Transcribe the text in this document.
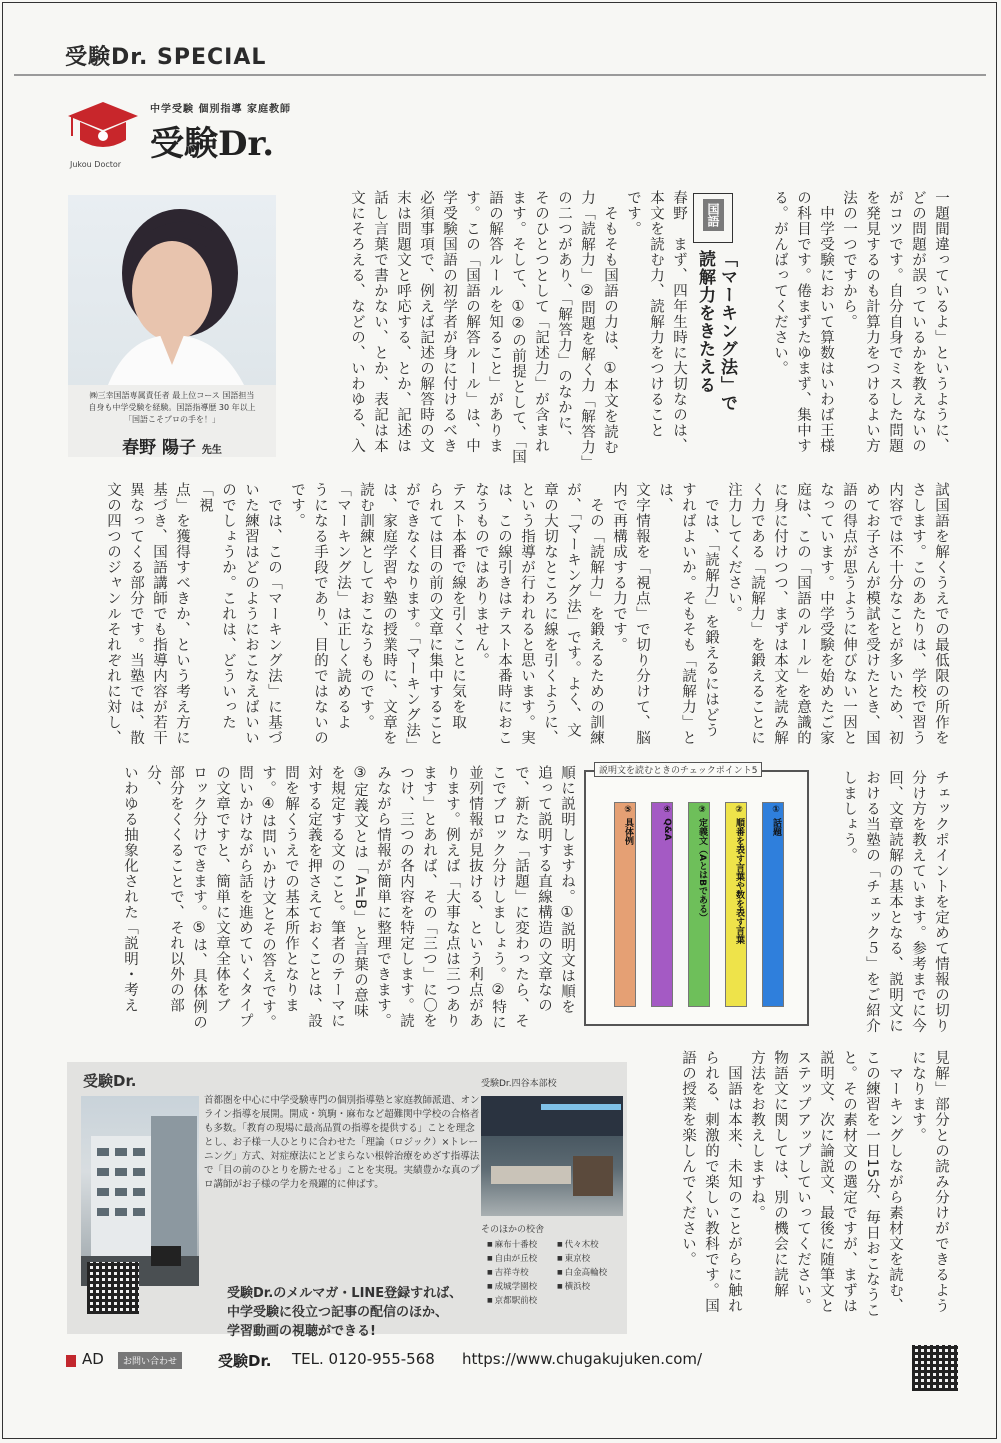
受験Dr. SPECIAL
中学受験 個別指導 家庭教師
受験Dr.
Jukou Doctor
㈱三幸国語専属責任者 最上位コース 国語担当
自身も中学受験を経験。国語指導歴 30 年以上
「国語こそプロの手を！」
春野 陽子 先生	一題間違っているよ」というように、
どの問題が誤っているかを教えないの
がコツです。自分自身でミスした問題
を発見するのも計算力をつけるよい方
法の一つですから。
　中学受験において算数はいわば王様
の科目です。倦まずたゆまず、集中す
る。がんばってください。
国語
「マーキング法」で
読解力をきたえる
春野　まず、四年生時に大切なのは、
本文を読む力、読解力をつけること
です。
　そもそも国語の力は、①本文を読む
力「読解力」②問題を解く力「解答力」
の二つがあり、「解答力」のなかに、
そのひとつとして「記述力」が含まれ
ます。そして、①②の前提として、「国
語の解答ルールを知ること」がありま
す。この「国語の解答ルール」は、中
学受験国語の初学者が身に付けるべき
必須事項で、例えば記述の解答時の文
末は問題文と呼応する、とか、記述は
話し言葉で書かない、とか、表記は本
文にそろえる、などの、いわゆる、入
試国語を解くうえでの最低限の所作を
さします。このあたりは、学校で習う
内容では不十分なことが多いため、初
めてお子さんが模試を受けたとき、国
語の得点が思うように伸びない一因と
なっています。中学受験を始めたご家
庭は、この「国語のルール」を意識的
に身に付けつつ、まずは本文を読み解
く力である「読解力」を鍛えることに
注力してください。
　では、「読解力」を鍛えるにはどう
すればよいか。そもそも「読解力」とは、
文字情報を「視点」で切り分けて、脳
内で再構成する力です。
　その「読解力」を鍛えるための訓練
が、「マーキング法」です。よく、文
章の大切なところに線を引くように、
という指導が行われると思います。実
は、この線引きはテスト本番時におこ
なうものではありません。
テスト本番で線を引くことに気を取
られては目の前の文章に集中すること
ができなくなります。「マーキング法」
は、家庭学習や塾の授業時に、文章を
読む訓練としておこなうものです。
「マーキング法」は正しく読めるよ
うになる手段であり、目的ではないの
です。
　では、この「マーキング法」に基づ
いた練習はどのようにおこなえばいい
のでしょうか。これは、どういった「視
点」を獲得すべきか、という考え方に
基づき、国語講師でも指導内容が若干
異なってくる部分です。当塾では、散
文の四つのジャンルそれぞれに対し、
チェックポイントを定めて情報の切り
分け方を教えています。参考までに今
回、文章読解の基本となる、説明文に
おける当塾の「チェック５」をご紹介
しましょう。
順に説明しますね。①説明文は順を
追って説明する直線構造の文章なの
で、新たな「話題」に変わったら、そ
こでブロック分けしましょう。②特に
並列情報が見抜ける、という利点があ
ります。例えば「大事な点は三つあり
ます」とあれば、その「三つ」に〇を
つけ、三つの各内容を特定します。読
みながら情報が簡単に整理できます。
③定義文とは「A≒B」と言葉の意味
を規定する文のこと。筆者のテーマに
対する定義を押さえておくことは、設
問を解くうえでの基本所作となりま
す。④は問いかけ文とその答えです。
問いかけながら話を進めていくタイプ
の文章ですと、簡単に文章全体をブ
ロック分けできます。⑤は、具体例の
部分をくくることで、それ以外の部分、
いわゆる抽象化された「説明・考え
見解」部分との読み分けができるよう
になります。
　マーキングしながら素材文を読む、
この練習を一日15分、毎日おこなうこ
と。その素材文の選定ですが、まずは
説明文、次に論説文、最後に随筆文と
ステップアップしていってください。
物語文に関しては、別の機会に読解
方法をお教えしますね。
　国語は本来、未知のことがらに触れ
られる、刺激的で楽しい教科です。国
語の授業を楽しんでください。
説明文を読むときのチェックポイント5
① 話題
② 順番を表す言葉や数を表す言葉
③ 定義文（AとはBである）
④ Q&A
⑤ 具体例
受験Dr.
首都圏を中心に中学受験専門の個別指導塾と家庭教師派遣、オンライン指導を展開。開成・筑駒・麻布など超難関中学校の合格者も多数。「教育の現場に最高品質の指導を提供する」ことを理念とし、お子様一人ひとりに合わせた「理論（ロジック）×トレーニング」方式、対症療法にとどまらない根幹治療をめざす指導法で「目の前のひとりを勝たせる」ことを実現。実績豊かな真のプロ講師がお子様の学力を飛躍的に伸ばす。
受験Dr.四谷本部校
そのほかの校舎
■ 麻布十番校	■ 代々木校
■ 自由が丘校	■ 東京校
■ 吉祥寺校	■ 白金高輪校
■ 成城学園校	■ 横浜校
■ 京都駅前校
受験Dr.のメルマガ・LINE登録すれば、
中学受験に役立つ記事の配信のほか、
学習動画の視聴ができる!
AD	お問い合わせ	受験Dr. TEL. 0120-955-568 https://www.chugakujuken.com/
